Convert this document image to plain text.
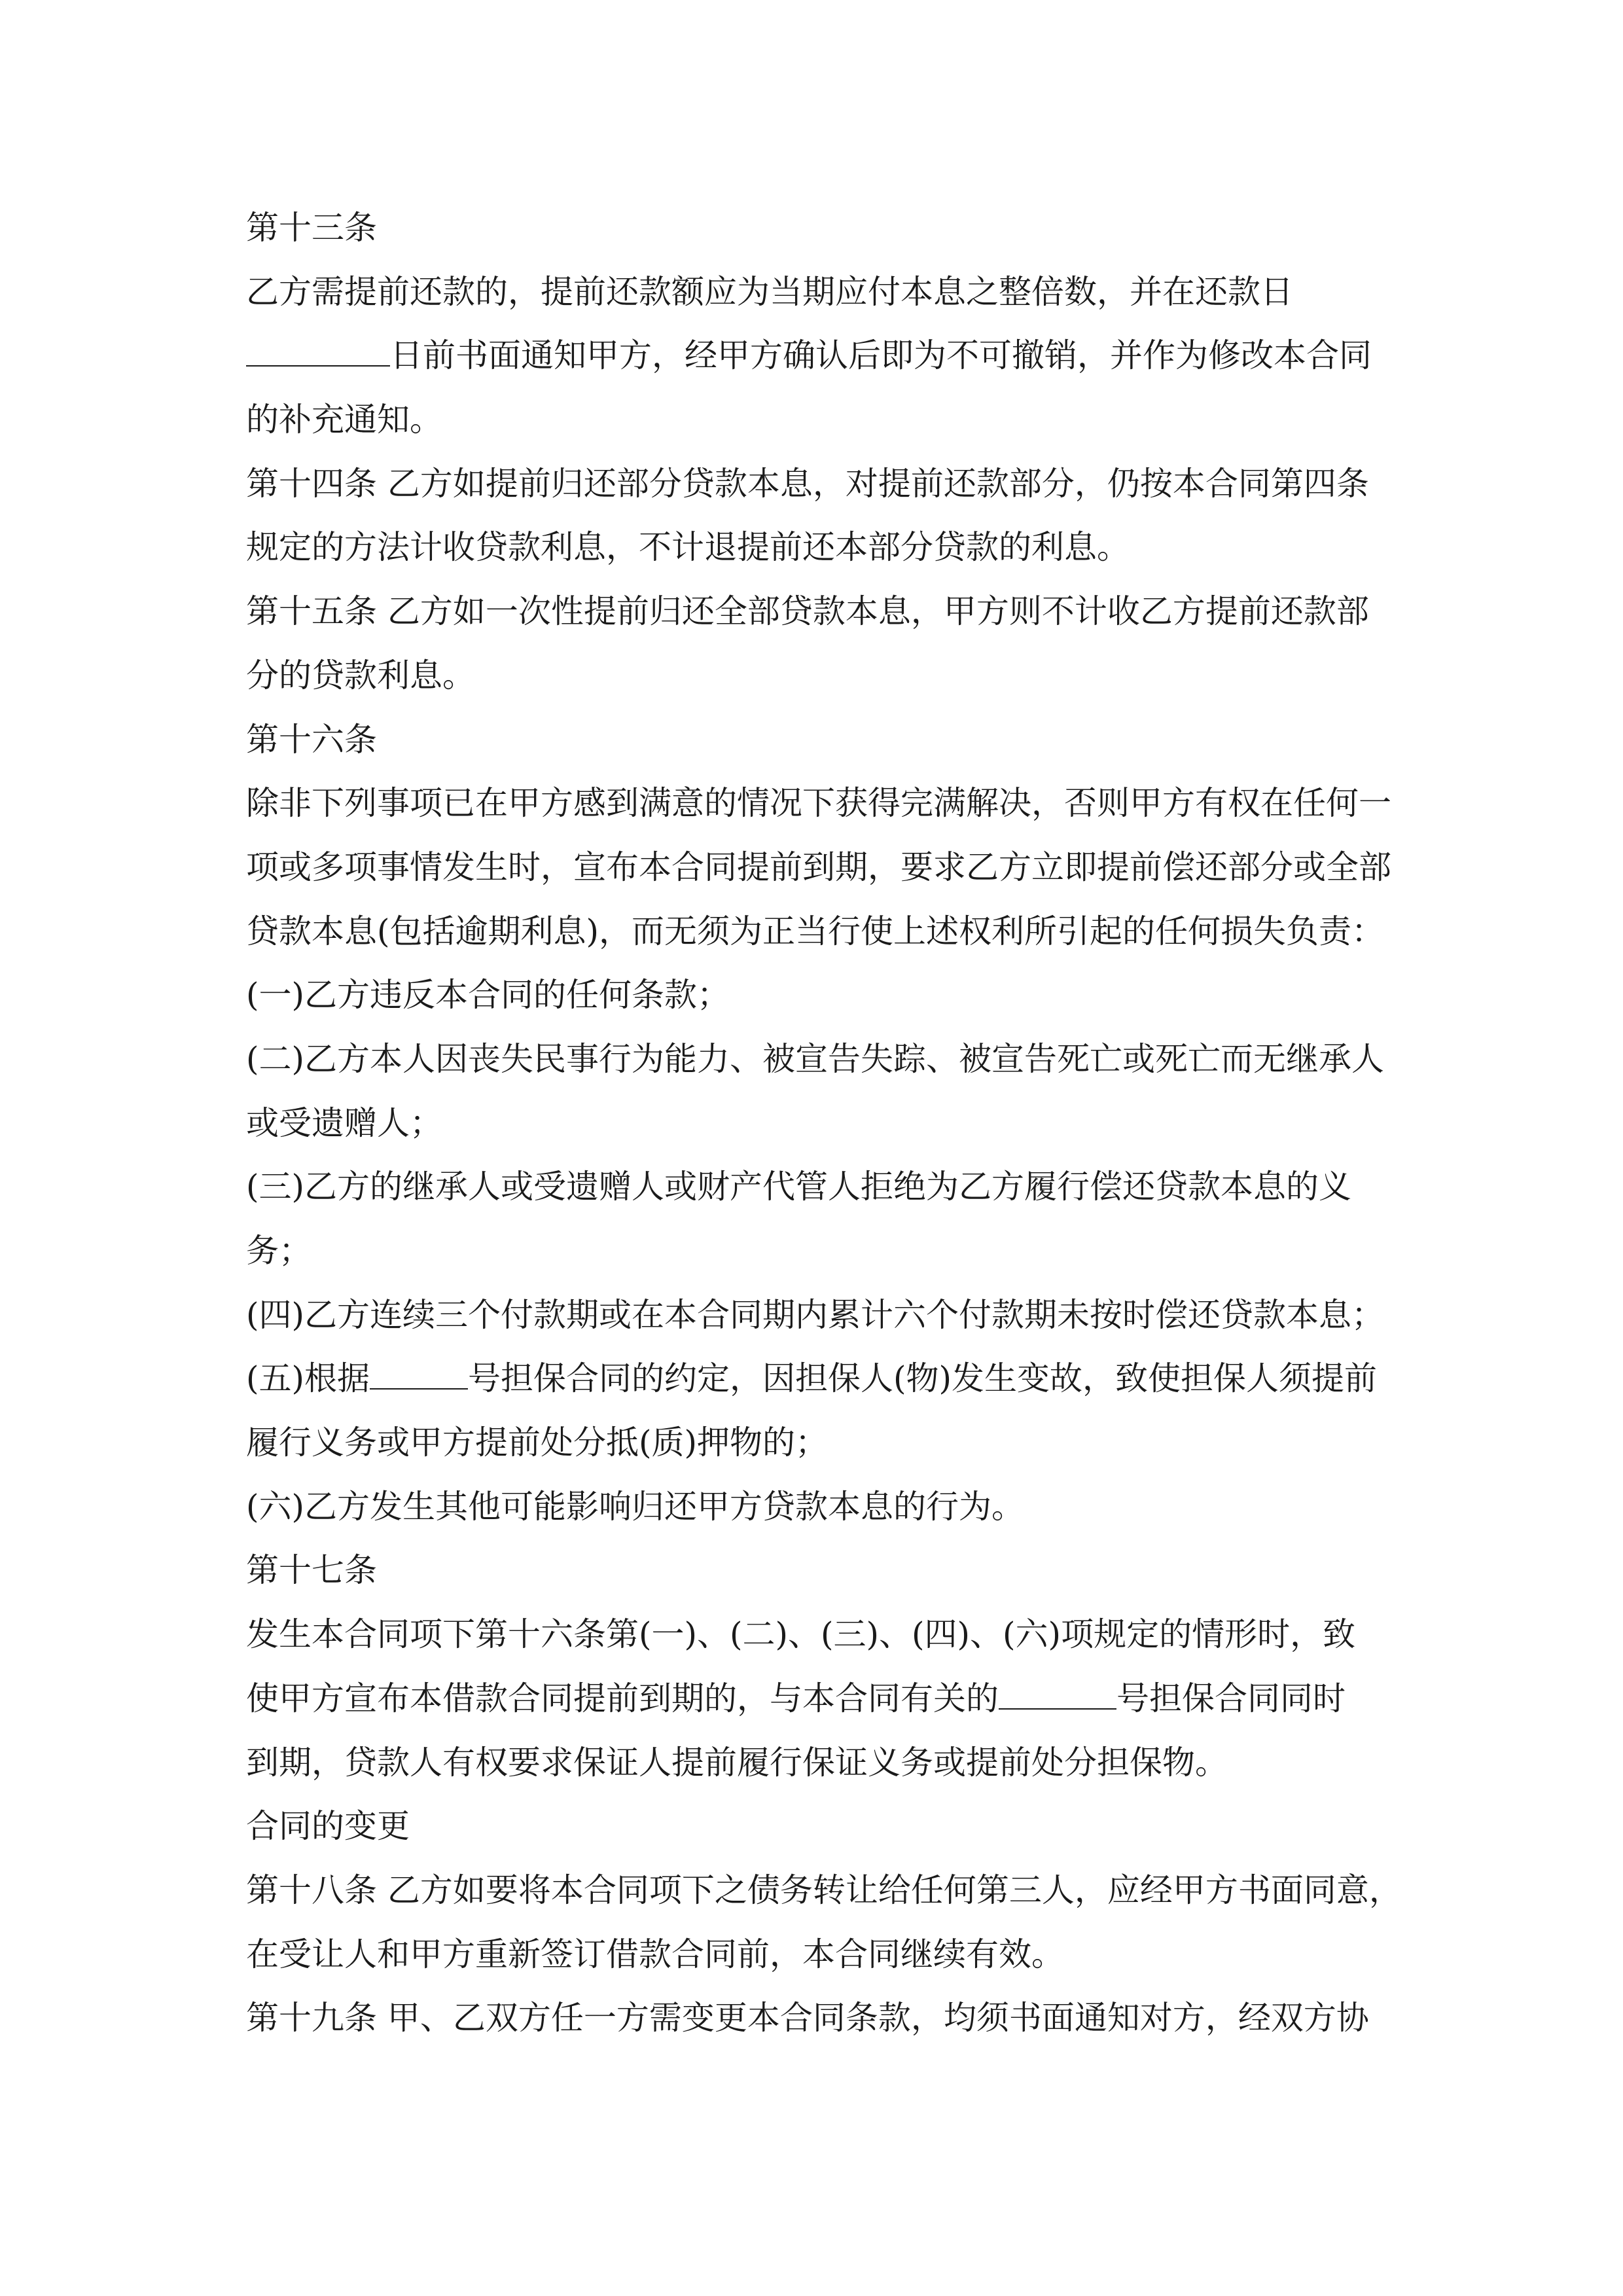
第十三条
乙方需提前还款的，提前还款额应为当期应付本息之整倍数，并在还款日
日前书面通知甲方，经甲方确认后即为不可撤销，并作为修改本合同
的补充通知。
第十四条 乙方如提前归还部分贷款本息，对提前还款部分，仍按本合同第四条
规定的方法计收贷款利息，不计退提前还本部分贷款的利息。
第十五条 乙方如一次性提前归还全部贷款本息，甲方则不计收乙方提前还款部
分的贷款利息。
第十六条
除非下列事项已在甲方感到满意的情况下获得完满解决，否则甲方有权在任何一
项或多项事情发生时，宣布本合同提前到期，要求乙方立即提前偿还部分或全部
贷款本息(包括逾期利息)，而无须为正当行使上述权利所引起的任何损失负责：
(一)乙方违反本合同的任何条款；
(二)乙方本人因丧失民事行为能力、被宣告失踪、被宣告死亡或死亡而无继承人
或受遗赠人；
(三)乙方的继承人或受遗赠人或财产代管人拒绝为乙方履行偿还贷款本息的义
务；
(四)乙方连续三个付款期或在本合同期内累计六个付款期未按时偿还贷款本息；
(五)根据	号担保合同的约定，因担保人(物)发生变故，致使担保人须提前
履行义务或甲方提前处分抵(质)押物的；
(六)乙方发生其他可能影响归还甲方贷款本息的行为。
第十七条
发生本合同项下第十六条第(一)、(二)、(三)、(四)、(六)项规定的情形时，致
使甲方宣布本借款合同提前到期的，与本合同有关的	号担保合同同时
到期，贷款人有权要求保证人提前履行保证义务或提前处分担保物。
合同的变更
第十八条 乙方如要将本合同项下之债务转让给任何第三人，应经甲方书面同意，
在受让人和甲方重新签订借款合同前，本合同继续有效。
第十九条 甲、乙双方任一方需变更本合同条款，均须书面通知对方，经双方协
